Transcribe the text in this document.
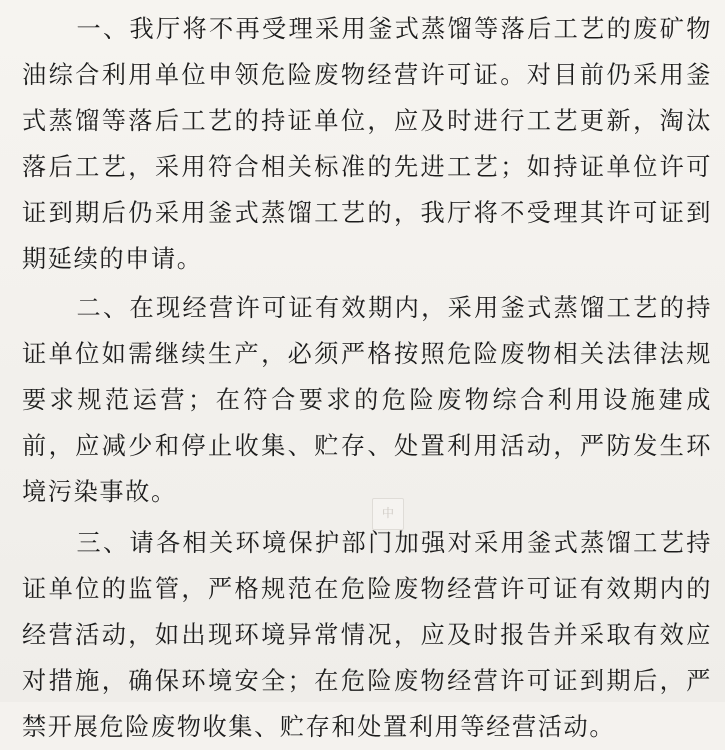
一、我厅将不再受理采用釜式蒸馏等落后工艺的废矿物油综合利用单位申领危险废物经营许可证。对目前仍采用釜式蒸馏等落后工艺的持证单位，应及时进行工艺更新，淘汰落后工艺，采用符合相关标准的先进工艺；如持证单位许可证到期后仍采用釜式蒸馏工艺的，我厅将不受理其许可证到期延续的申请。

二、在现经营许可证有效期内，采用釜式蒸馏工艺的持证单位如需继续生产，必须严格按照危险废物相关法律法规要求规范运营；在符合要求的危险废物综合利用设施建成前，应减少和停止收集、贮存、处置利用活动，严防发生环境污染事故。

三、请各相关环境保护部门加强对采用釜式蒸馏工艺持证单位的监管，严格规范在危险废物经营许可证有效期内的经营活动，如出现环境异常情况，应及时报告并采取有效应对措施，确保环境安全；在危险废物经营许可证到期后，严禁开展危险废物收集、贮存和处置利用等经营活动。

中
